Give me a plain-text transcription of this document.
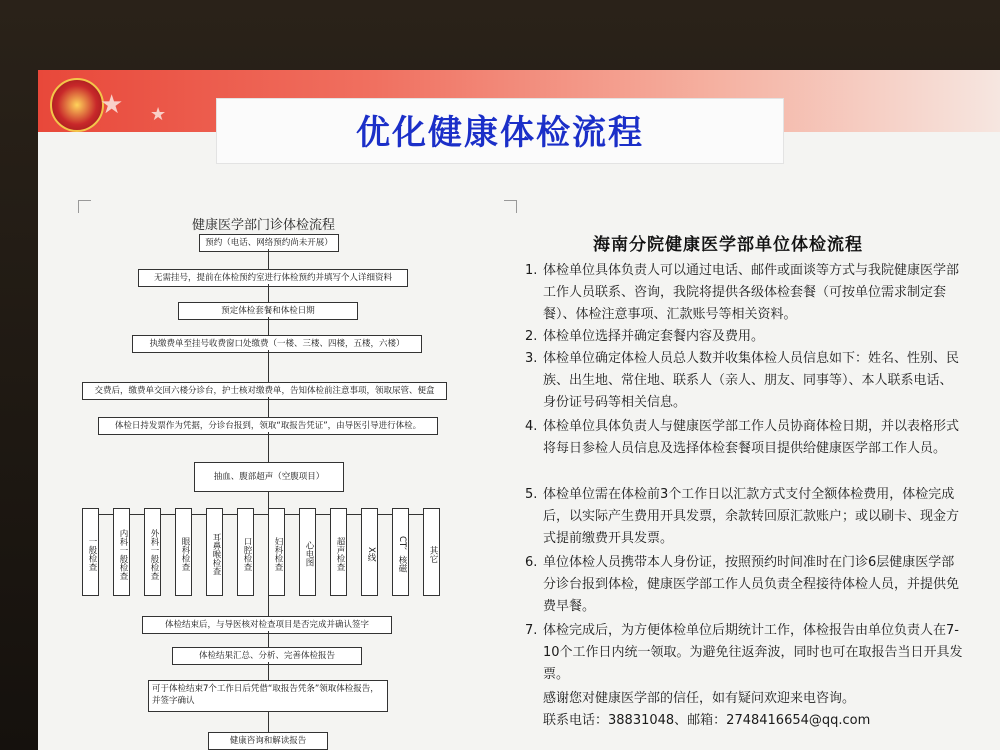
★ ★	优化健康体检流程
健康医学部门诊体检流程
预约（电话、网络预约尚未开展）
无需挂号，提前在体检预约室进行体检预约并填写个人详细资料
预定体检套餐和体检日期
执缴费单至挂号收费窗口处缴费（一楼、三楼、四楼，五楼，六楼）
交费后，缴费单交回六楼分诊台，护士核对缴费单，告知体检前注意事项，领取尿管、便盒
体检日持发票作为凭据，分诊台报到，领取“取报告凭证”，由导医引导进行体检。
抽血、腹部超声（空腹项目）
一般检查	内科一般检查	外科一般检查	眼科检查	耳鼻喉检查	口腔检查	妇科检查	心电图	超声检查	X线	CT、核磁	其它
体检结束后，与导医核对检查项目是否完成并确认签字
体检结果汇总、分析、完善体检报告
可于体检结束7个工作日后凭借“取报告凭条”领取体检报告，并签字确认
健康咨询和解读报告
海南分院健康医学部单位体检流程
1. 体检单位具体负责人可以通过电话、邮件或面谈等方式与我院健康医学部工作人员联系、咨询，我院将提供各级体检套餐（可按单位需求制定套餐）、体检注意事项、汇款账号等相关资料。
2. 体检单位选择并确定套餐内容及费用。
3. 体检单位确定体检人员总人数并收集体检人员信息如下：姓名、性别、民族、出生地、常住地、联系人（亲人、朋友、同事等）、本人联系电话、身份证号码等相关信息。
4. 体检单位具体负责人与健康医学部工作人员协商体检日期，并以表格形式将每日参检人员信息及选择体检套餐项目提供给健康医学部工作人员。
5. 体检单位需在体检前3个工作日以汇款方式支付全额体检费用，体检完成后，以实际产生费用开具发票，余款转回原汇款账户；或以刷卡、现金方式提前缴费开具发票。
6. 单位体检人员携带本人身份证，按照预约时间准时在门诊6层健康医学部分诊台报到体检，健康医学部工作人员负责全程接待体检人员，并提供免费早餐。
7. 体检完成后，为方便体检单位后期统计工作，体检报告由单位负责人在7-10个工作日内统一领取。为避免往返奔波，同时也可在取报告当日开具发票。
感谢您对健康医学部的信任，如有疑问欢迎来电咨询。
联系电话：38831048、邮箱：2748416654@qq.com
